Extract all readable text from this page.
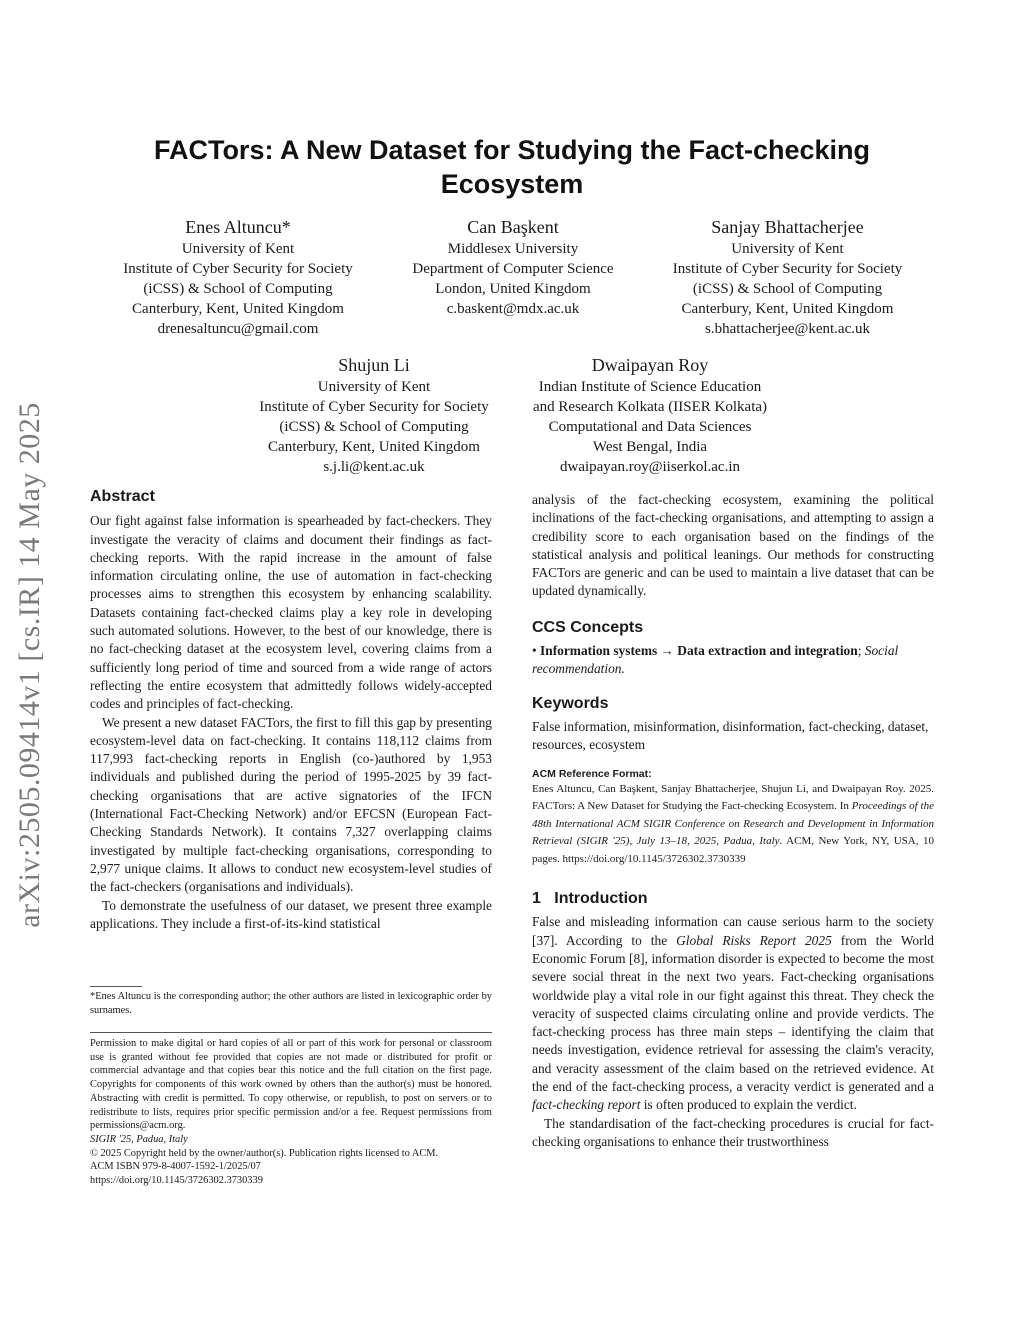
arXiv:2505.09414v1 [cs.IR] 14 May 2025
FACTors: A New Dataset for Studying the Fact-checking Ecosystem
Enes Altuncu*
University of Kent
Institute of Cyber Security for Society
(iCSS) & School of Computing
Canterbury, Kent, United Kingdom
drenesaltuncu@gmail.com
Can Başkent
Middlesex University
Department of Computer Science
London, United Kingdom
c.baskent@mdx.ac.uk
Sanjay Bhattacherjee
University of Kent
Institute of Cyber Security for Society
(iCSS) & School of Computing
Canterbury, Kent, United Kingdom
s.bhattacherjee@kent.ac.uk
Shujun Li
University of Kent
Institute of Cyber Security for Society
(iCSS) & School of Computing
Canterbury, Kent, United Kingdom
s.j.li@kent.ac.uk
Dwaipayan Roy
Indian Institute of Science Education
and Research Kolkata (IISER Kolkata)
Computational and Data Sciences
West Bengal, India
dwaipayan.roy@iiserkol.ac.in
Abstract

Our fight against false information is spearheaded by fact-checkers. They investigate the veracity of claims and document their findings as fact-checking reports. With the rapid increase in the amount of false information circulating online, the use of automation in fact-checking processes aims to strengthen this ecosystem by enhancing scalability. Datasets containing fact-checked claims play a key role in developing such automated solutions. However, to the best of our knowledge, there is no fact-checking dataset at the ecosystem level, covering claims from a sufficiently long period of time and sourced from a wide range of actors reflecting the entire ecosystem that admittedly follows widely-accepted codes and principles of fact-checking.

We present a new dataset FACTors, the first to fill this gap by presenting ecosystem-level data on fact-checking. It contains 118,112 claims from 117,993 fact-checking reports in English (co-)authored by 1,953 individuals and published during the period of 1995-2025 by 39 fact-checking organisations that are active signatories of the IFCN (International Fact-Checking Network) and/or EFCSN (European Fact-Checking Standards Network). It contains 7,327 overlapping claims investigated by multiple fact-checking organisations, corresponding to 2,977 unique claims. It allows to conduct new ecosystem-level studies of the fact-checkers (organisations and individuals).

To demonstrate the usefulness of our dataset, we present three example applications. They include a first-of-its-kind statistical

*Enes Altuncu is the corresponding author; the other authors are listed in lexicographic order by surnames.

Permission to make digital or hard copies of all or part of this work for personal or classroom use is granted without fee provided that copies are not made or distributed for profit or commercial advantage and that copies bear this notice and the full citation on the first page. Copyrights for components of this work owned by others than the author(s) must be honored. Abstracting with credit is permitted. To copy otherwise, or republish, to post on servers or to redistribute to lists, requires prior specific permission and/or a fee. Request permissions from permissions@acm.org.

SIGIR '25, Padua, Italy

© 2025 Copyright held by the owner/author(s). Publication rights licensed to ACM.

ACM ISBN 979-8-4007-1592-1/2025/07

https://doi.org/10.1145/3726302.3730339

analysis of the fact-checking ecosystem, examining the political inclinations of the fact-checking organisations, and attempting to assign a credibility score to each organisation based on the findings of the statistical analysis and political leanings. Our methods for constructing FACTors are generic and can be used to maintain a live dataset that can be updated dynamically.

CCS Concepts

• Information systems → Data extraction and integration; Social recommendation.

Keywords

False information, misinformation, disinformation, fact-checking, dataset, resources, ecosystem

ACM Reference Format:

Enes Altuncu, Can Başkent, Sanjay Bhattacherjee, Shujun Li, and Dwaipayan Roy. 2025. FACTors: A New Dataset for Studying the Fact-checking Ecosystem. In Proceedings of the 48th International ACM SIGIR Conference on Research and Development in Information Retrieval (SIGIR '25), July 13–18, 2025, Padua, Italy. ACM, New York, NY, USA, 10 pages. https://doi.org/10.1145/3726302.3730339

1 Introduction

False and misleading information can cause serious harm to the society [37]. According to the Global Risks Report 2025 from the World Economic Forum [8], information disorder is expected to become the most severe social threat in the next two years. Fact-checking organisations worldwide play a vital role in our fight against this threat. They check the veracity of suspected claims circulating online and provide verdicts. The fact-checking process has three main steps – identifying the claim that needs investigation, evidence retrieval for assessing the claim's veracity, and veracity assessment of the claim based on the retrieved evidence. At the end of the fact-checking process, a veracity verdict is generated and a fact-checking report is often produced to explain the verdict.

The standardisation of the fact-checking procedures is crucial for fact-checking organisations to enhance their trustworthiness
